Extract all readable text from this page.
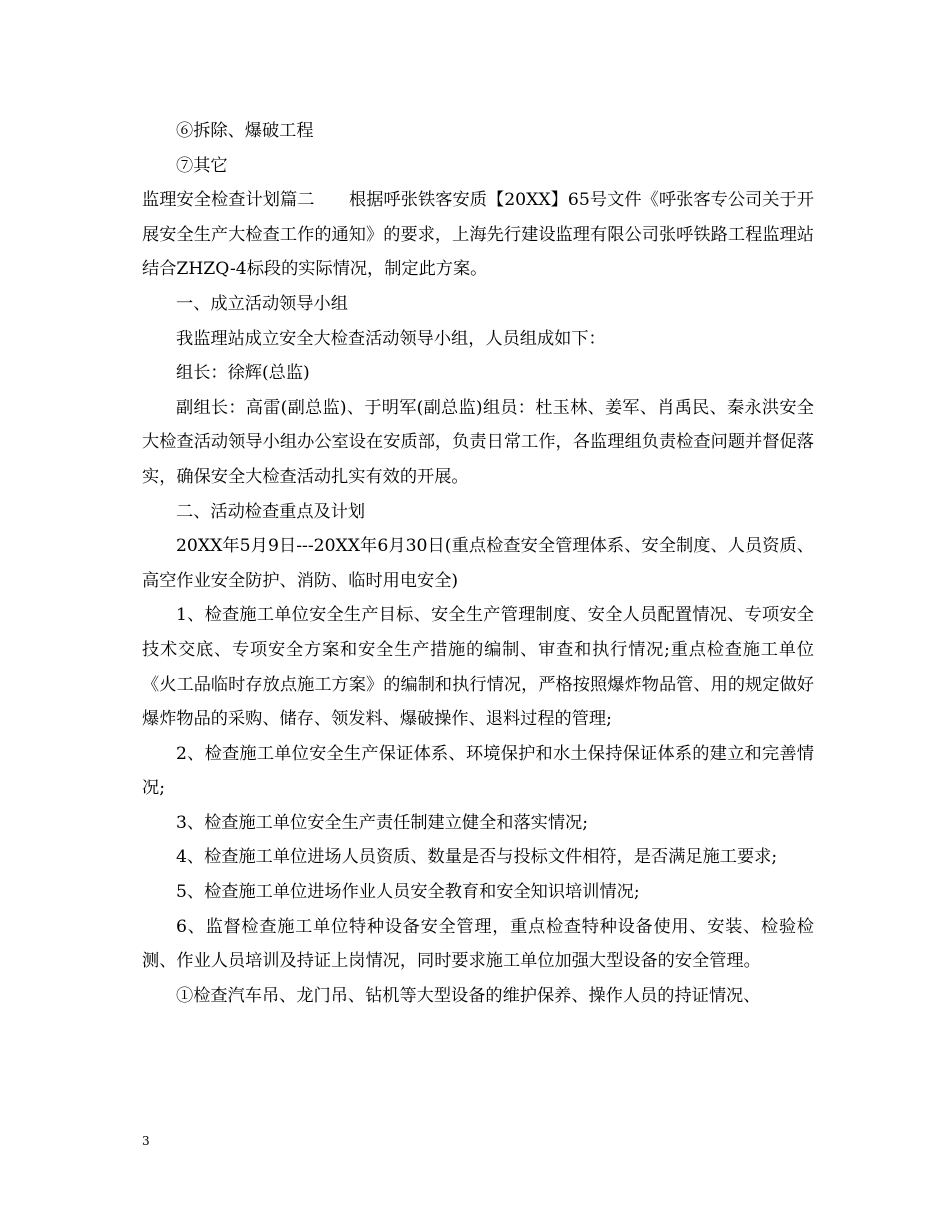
⑥拆除、爆破工程

⑦其它

监理安全检查计划篇二　　根据呼张铁客安质【20XX】65号文件《呼张客专公司关于开展安全生产大检查工作的通知》的要求，上海先行建设监理有限公司张呼铁路工程监理站结合ZHZQ-4标段的实际情况，制定此方案。

一、成立活动领导小组

我监理站成立安全大检查活动领导小组，人员组成如下：

组长：徐辉(总监)

副组长：高雷(副总监)、于明军(副总监)组员：杜玉林、姜军、肖禹民、秦永洪安全大检查活动领导小组办公室设在安质部，负责日常工作，各监理组负责检查问题并督促落实，确保安全大检查活动扎实有效的开展。

二、活动检查重点及计划

20XX年5月9日---20XX年6月30日(重点检查安全管理体系、安全制度、人员资质、高空作业安全防护、消防、临时用电安全)

1、检查施工单位安全生产目标、安全生产管理制度、安全人员配置情况、专项安全技术交底、专项安全方案和安全生产措施的编制、审查和执行情况;重点检查施工单位《火工品临时存放点施工方案》的编制和执行情况，严格按照爆炸物品管、用的规定做好爆炸物品的采购、储存、领发料、爆破操作、退料过程的管理;

2、检查施工单位安全生产保证体系、环境保护和水土保持保证体系的建立和完善情况;

3、检查施工单位安全生产责任制建立健全和落实情况;

4、检查施工单位进场人员资质、数量是否与投标文件相符，是否满足施工要求;

5、检查施工单位进场作业人员安全教育和安全知识培训情况;

6、监督检查施工单位特种设备安全管理，重点检查特种设备使用、安装、检验检测、作业人员培训及持证上岗情况，同时要求施工单位加强大型设备的安全管理。

①检查汽车吊、龙门吊、钻机等大型设备的维护保养、操作人员的持证情况、

3
